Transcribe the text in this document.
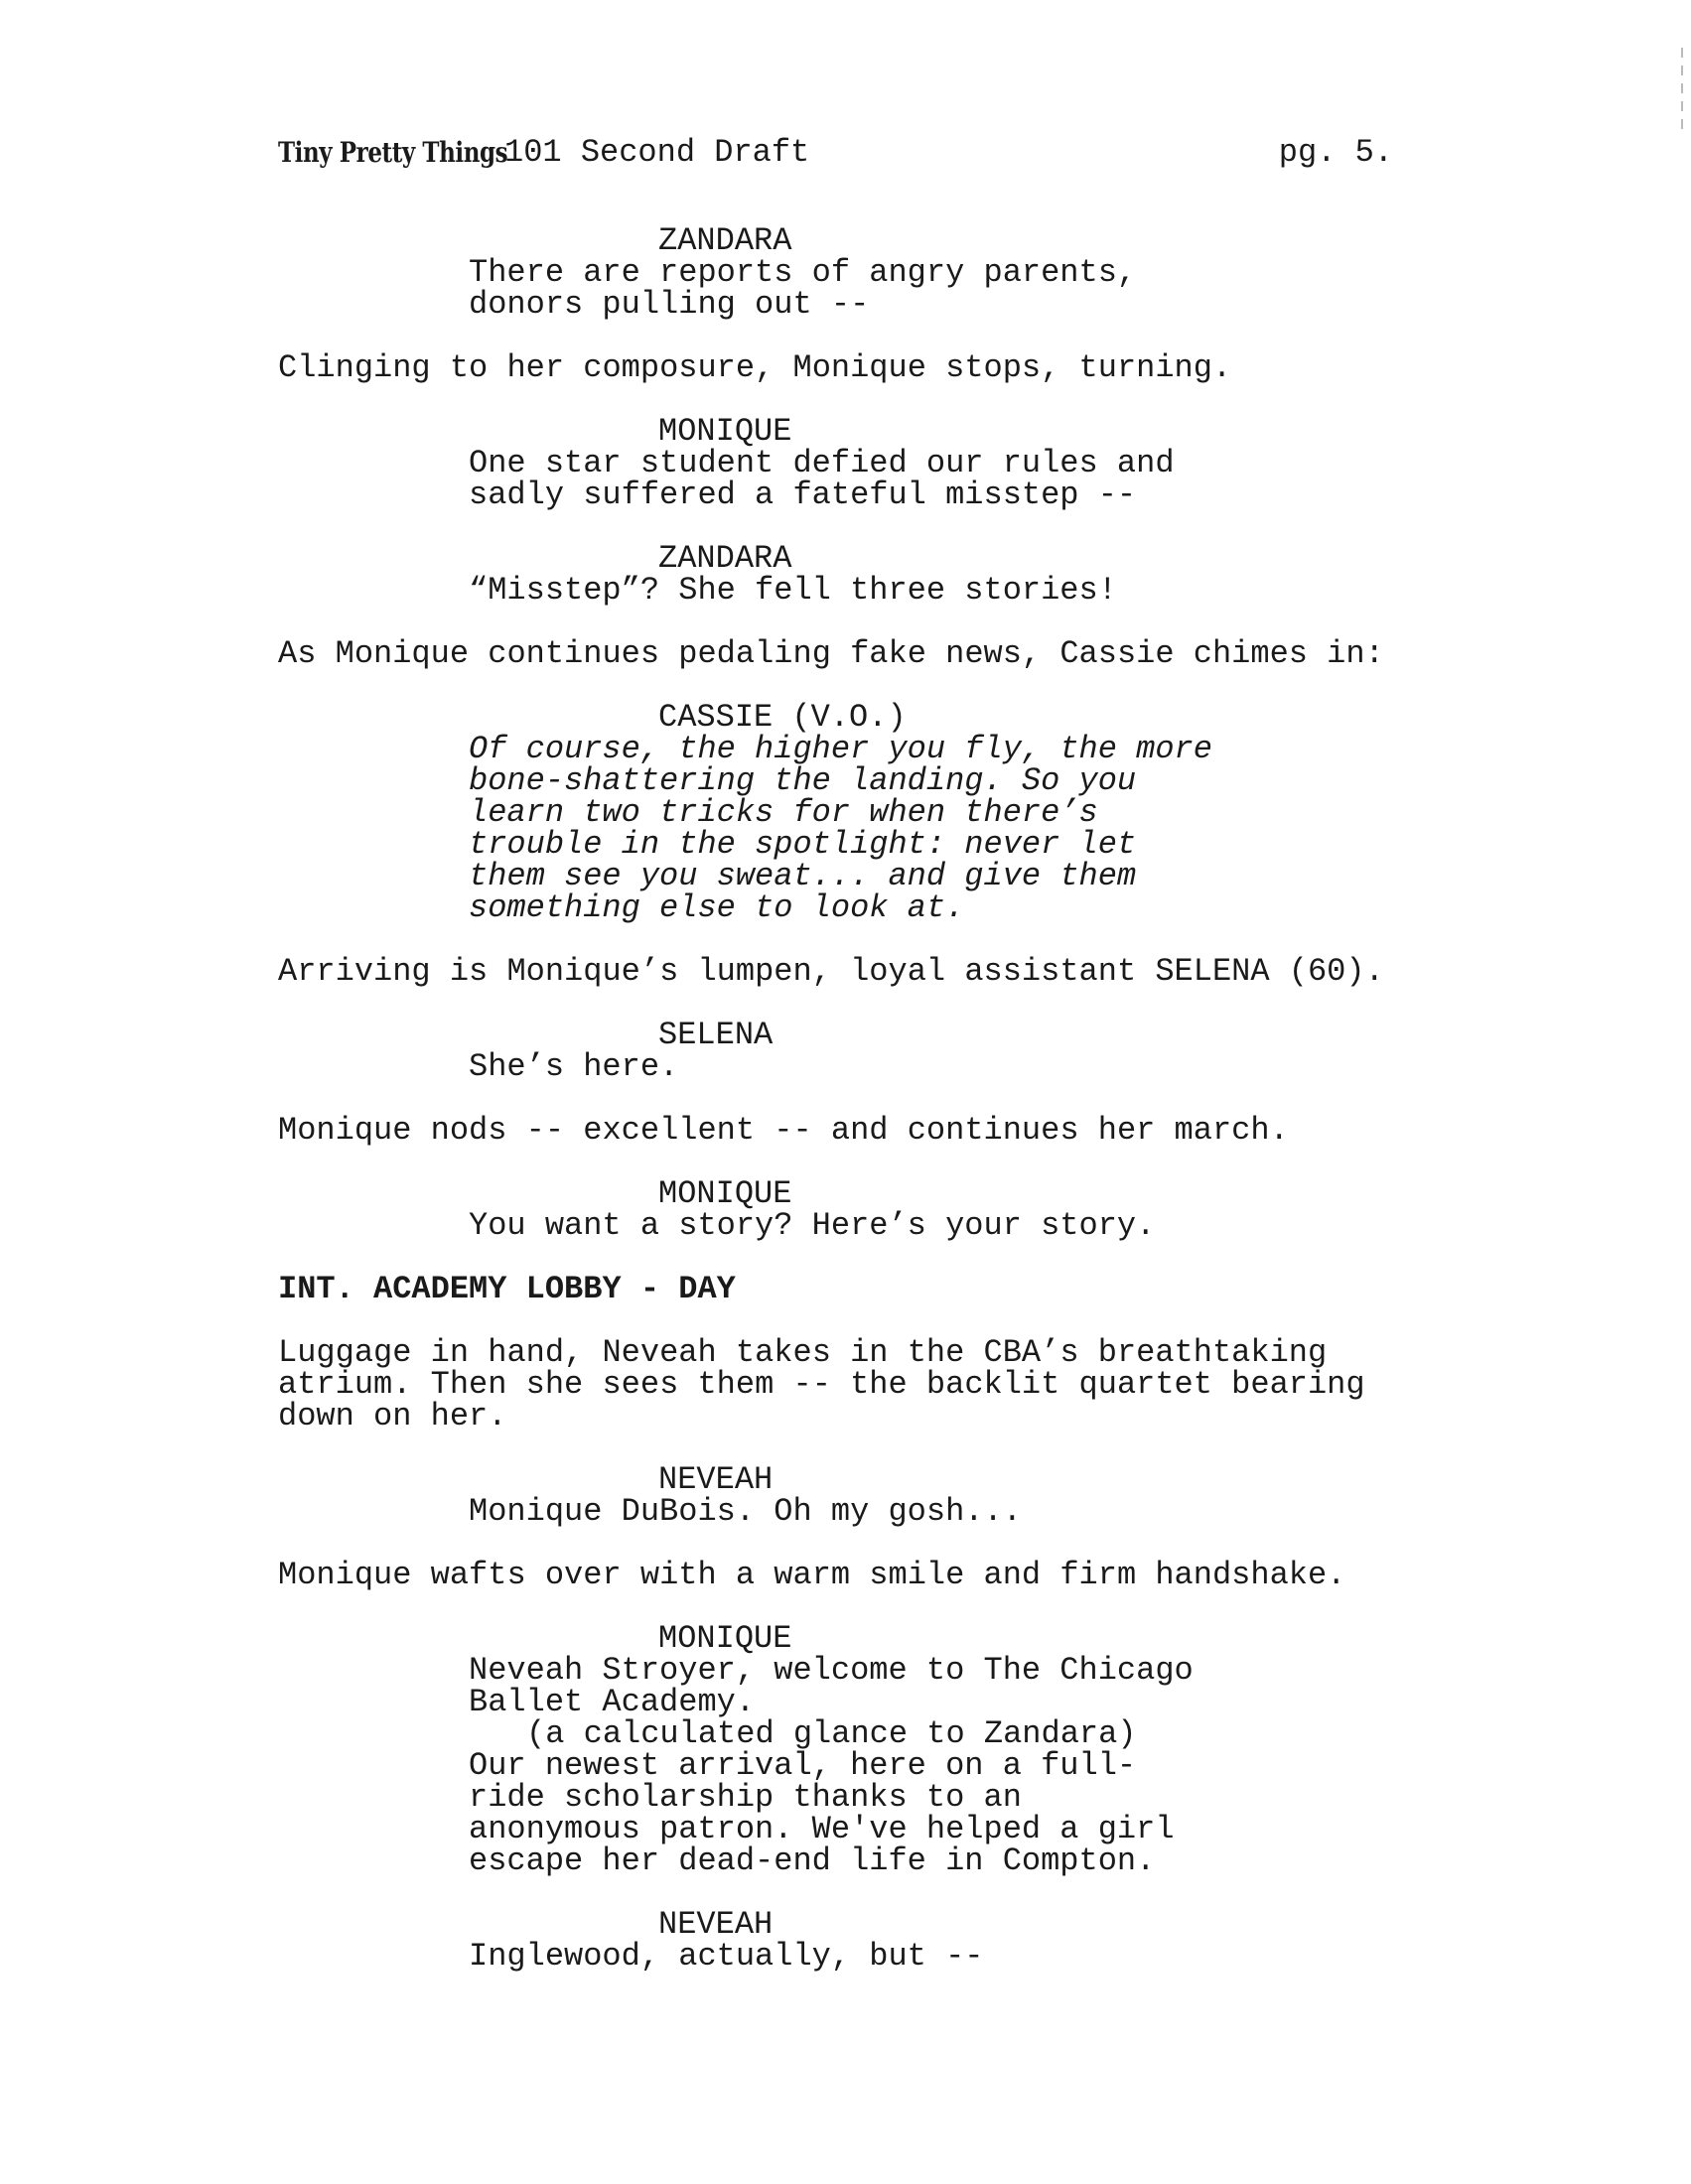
Tiny Pretty Things
101 Second Draft	pg. 5.
ZANDARA
There are reports of angry parents,
donors pulling out --
Clinging to her composure, Monique stops, turning.
MONIQUE
One star student defied our rules and
sadly suffered a fateful misstep --
ZANDARA
“Misstep”? She fell three stories!
As Monique continues pedaling fake news, Cassie chimes in:
CASSIE (V.O.)
Of course, the higher you fly, the more
bone-shattering the landing. So you
learn two tricks for when there’s
trouble in the spotlight: never let
them see you sweat... and give them
something else to look at.
Arriving is Monique’s lumpen, loyal assistant SELENA (60).
SELENA
She’s here.
Monique nods -- excellent -- and continues her march.
MONIQUE
You want a story? Here’s your story.
INT. ACADEMY LOBBY - DAY
Luggage in hand, Neveah takes in the CBA’s breathtaking
atrium. Then she sees them -- the backlit quartet bearing
down on her.
NEVEAH
Monique DuBois. Oh my gosh...
Monique wafts over with a warm smile and firm handshake.
MONIQUE
Neveah Stroyer, welcome to The Chicago
Ballet Academy.
(a calculated glance to Zandara)
Our newest arrival, here on a full-
ride scholarship thanks to an
anonymous patron. We've helped a girl
escape her dead-end life in Compton.
NEVEAH
Inglewood, actually, but --
